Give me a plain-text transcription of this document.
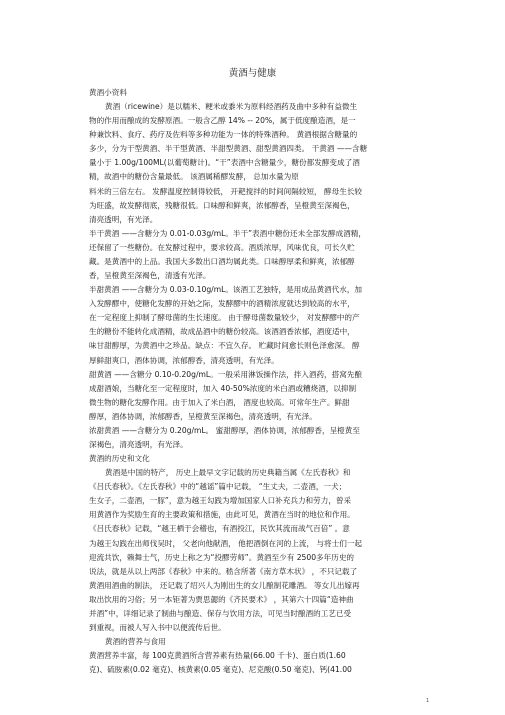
黄酒与健康
黄酒小资料
黄酒（ricewine）是以糯米、粳米或黍米为原料经酒药及曲中多种有益微生
物的作用而酿成的发酵原酒。一般含乙醇 14% -- 20%，属于低度酿造酒，是一
种兼饮料、食疗、药疗及佐料等多种功能为一体的特殊酒种。 黄酒根据含糖量的
多少，分为干型黄酒、半干型黄酒、半甜型黄酒、甜型黄酒四类。 干黄酒 ——含糖
量小于 1.00g/100ML(以葡萄糖计)。“干”表酒中含糖量少，糖份都发酵变成了酒
精，故酒中的糖份含量最低。 该酒属稀醪发酵， 总加水量为原
料米的三倍左右。 发酵温度控制得较低， 开耙搅拌的时间间隔较短， 酵母生长较
为旺盛，故发酵彻底，残糖很低。口味醇和鲜爽，浓郁醇香，呈橙黄至深褐色，
清亮透明，有光泽。
半干黄酒 ——含糖分为 0.01-0.03g/mL。半干”表酒中糖份还未全部发酵成酒精，
还保留了一些糖份。在发酵过程中，要求较高。酒质浓厚，风味优良，可长久贮
藏。是黄酒中的上品。我国大多数出口酒均属此类。口味醇厚柔和鲜爽，浓郁醇
香，呈橙黄至深褐色，清透有光泽。
半甜黄酒 ——含糖分为 0.03-0.10g/mL。该酒工艺独特，是用成品黄酒代水，加
入发酵醪中，使糖化发酵的开始之际，发酵醪中的酒精浓度就达到较高的水平，
在一定程度上抑制了酵母菌的生长速度。 由于酵母菌数量较少， 对发酵醪中的产
生的糖份不能转化成酒精，故成品酒中的糖份较高。该酒酒香浓郁，酒度适中，
味甘甜醇厚，为黄酒中之珍品。缺点：不宜久存。 贮藏时间愈长则色泽愈深。 醇
厚鲜甜爽口，酒体协调，浓郁醇香，清亮透明，有光泽。
甜黄酒 ——含糖分 0.10-0.20g/mL。一般采用淋饭操作法，拌入酒药，搭窝先酿
成甜酒娘，当糖化至一定程度时，加入 40-50%浓度的米白酒或糟烧酒，以抑制
微生物的糖化发酵作用。由于加入了米白酒， 酒度也较高。可常年生产。鲜甜
醇厚，酒体协调，浓郁醇香，呈橙黄至深褐色，清亮透明，有光泽。
浓甜黄酒 ——含糖分为 0.20g/mL。 蜜甜醇厚，酒体协调，浓郁醇香，呈橙黄至
深褐色，清亮透明，有光泽。
黄酒的历史和文化
黄酒是中国的特产， 历史上最早文字记载的历史典籍当属《左氏春秋》和
《吕氏春秋》。《左氏春秋》中的“越谣”篇中记载， “生丈夫，二壶酒，一犬；
生女子，二壶酒，一豚”，意为越王勾践为增加国家人口补充兵力和劳力，曾采
用黄酒作为奖励生育的主要政策和措施，由此可见，黄酒在当时的地位和作用。
《吕氏春秋》记载，“越王栖于会稽也，有酒投江，民饮其流而战气百倍” 。意
为越王勾践在出师伐吴时， 父老向他献酒， 他把酒倒在河的上流， 与将士们一起
迎流共饮，赖舞士气，历史上称之为“投醪劳师”。黄酒至少有 2500多年历史的
说法，就是从以上两部《春秋》中来的。嵇含所著《南方草木状》 ，不只记载了
黄酒用酒曲的制法， 还记载了绍兴人为刚出生的女儿酿制花雕酒。 等女儿出嫁再
取出饮用的习俗；另一本钜著为贾思勰的《齐民要术》 ，其第六十四篇“造神曲
并酒”中，详细记录了制曲与酿造、保存与饮用方法，可见当时酿酒的工艺已受
到重视，而被人写入书中以便流传后世。
黄酒的营养与食用
黄酒营养丰富，每 100克黄酒所含营养素有热量(66.00 千卡)、蛋白质(1.60
克)、硫胺素(0.02 毫克)、核黄素(0.05 毫克)、尼克酸(0.50 毫克)、钙(41.00
1
